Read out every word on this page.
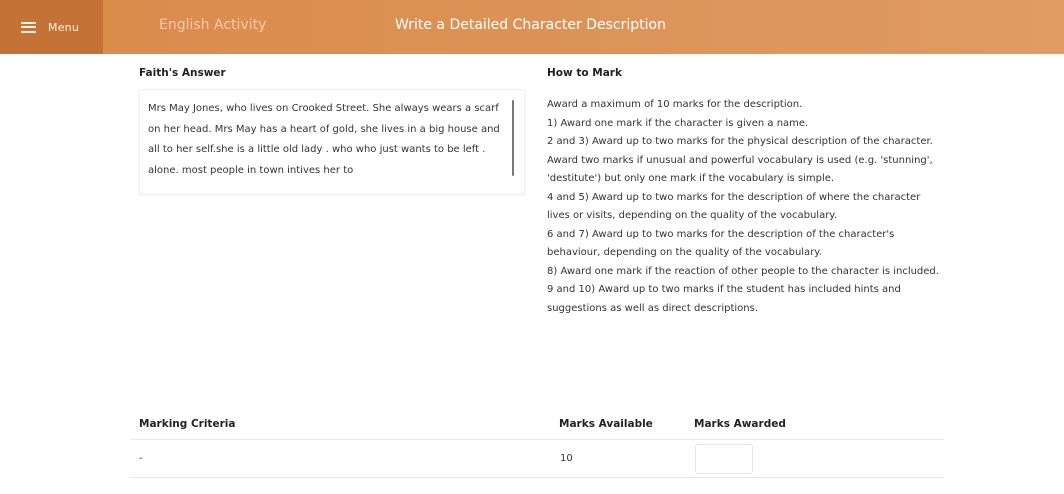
Menu	English Activity	Write a Detailed Character Description
Faith's Answer	How to Mark
Mrs May Jones, who lives on Crooked Street. She always wears a scarf on her head. Mrs May has a heart of gold, she lives in a big house and all to her self.she is a little old lady . who who just wants to be left . alone. most people in town intives her to

Award a maximum of 10 marks for the description.

1) Award one mark if the character is given a name.

2 and 3) Award up to two marks for the physical description of the character. Award two marks if unusual and powerful vocabulary is used (e.g. 'stunning', 'destitute') but only one mark if the vocabulary is simple.

4 and 5) Award up to two marks for the description of where the character lives or visits, depending on the quality of the vocabulary.

6 and 7) Award up to two marks for the description of the character's behaviour, depending on the quality of the vocabulary.

8) Award one mark if the reaction of other people to the character is included.

9 and 10) Award up to two marks if the student has included hints and suggestions as well as direct descriptions.

Marking Criteria	Marks Available	Marks Awarded
-	10
